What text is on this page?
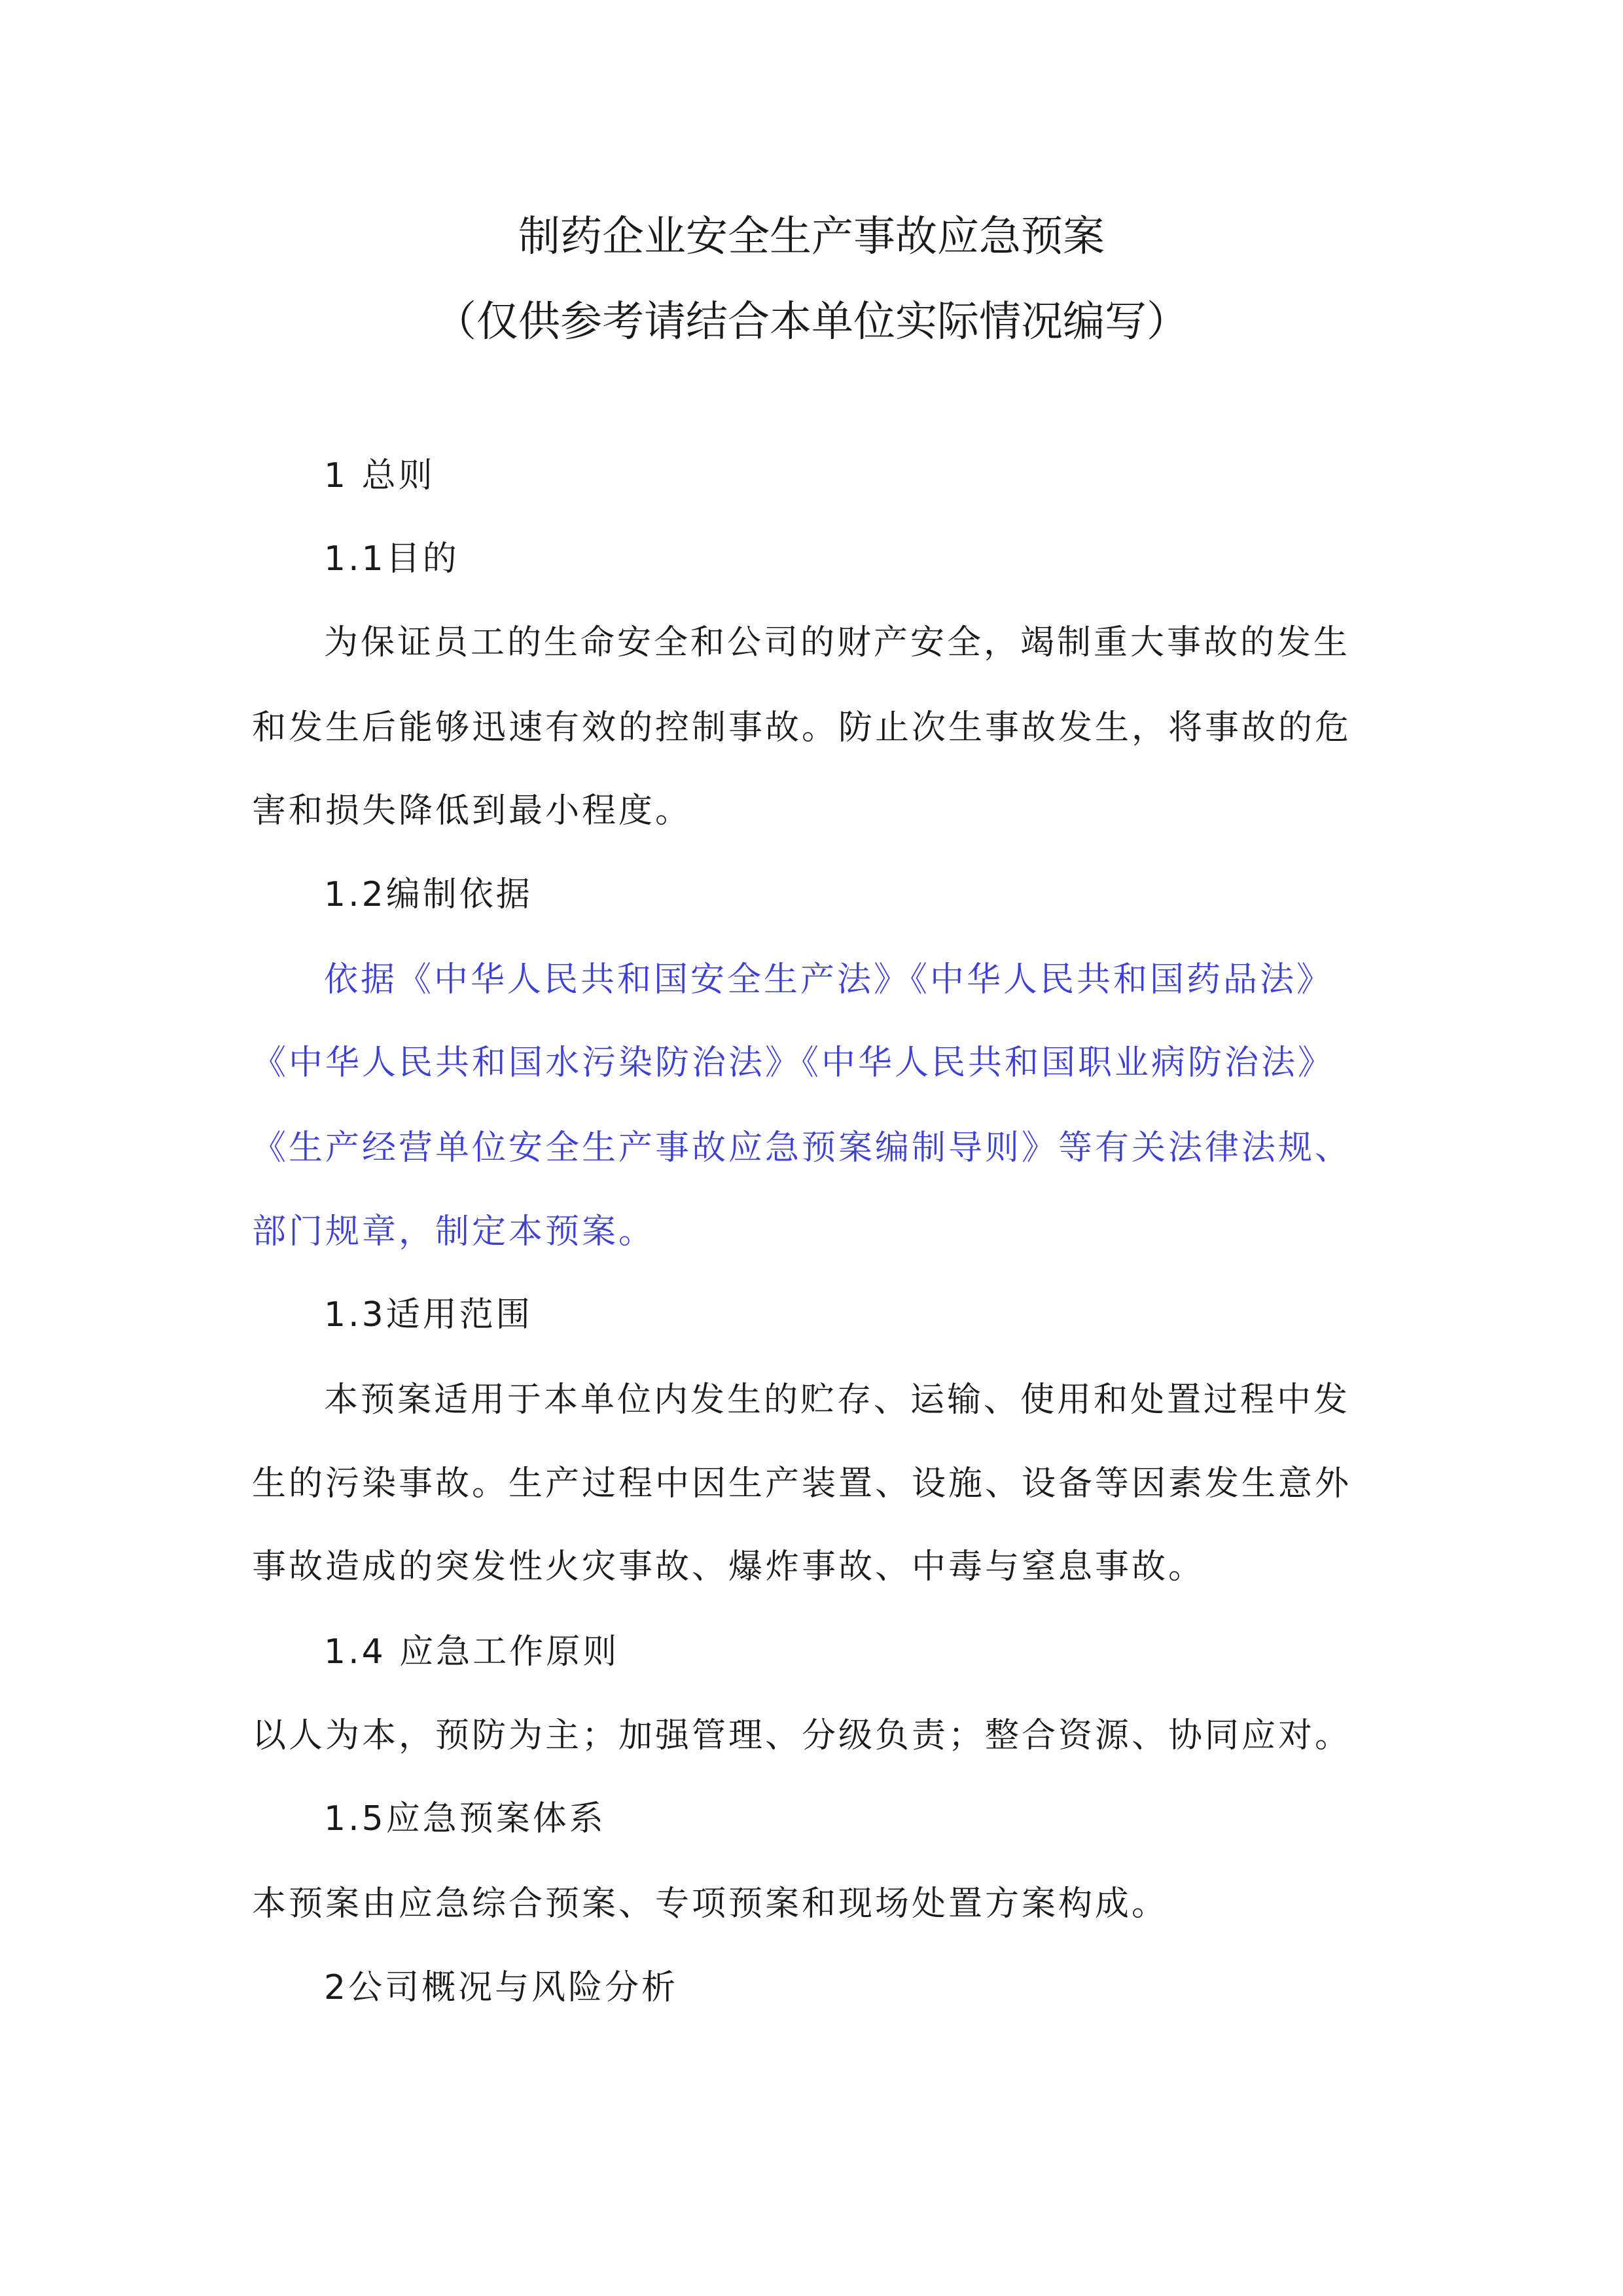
制药企业安全生产事故应急预案
（仅供参考请结合本单位实际情况编写）
1 总则
1.1目的
为保证员工的生命安全和公司的财产安全，竭制重大事故的发生
和发生后能够迅速有效的控制事故。防止次生事故发生，将事故的危
害和损失降低到最小程度。
1.2编制依据
依据《中华人民共和国安全生产法》《中华人民共和国药品法》
《中华人民共和国水污染防治法》《中华人民共和国职业病防治法》
《生产经营单位安全生产事故应急预案编制导则》等有关法律法规、
部门规章，制定本预案。
1.3适用范围
本预案适用于本单位内发生的贮存、运输、使用和处置过程中发
生的污染事故。生产过程中因生产装置、设施、设备等因素发生意外
事故造成的突发性火灾事故、爆炸事故、中毒与窒息事故。
1.4 应急工作原则
以人为本，预防为主；加强管理、分级负责；整合资源、协同应对。
1.5应急预案体系
本预案由应急综合预案、专项预案和现场处置方案构成。
2公司概况与风险分析
